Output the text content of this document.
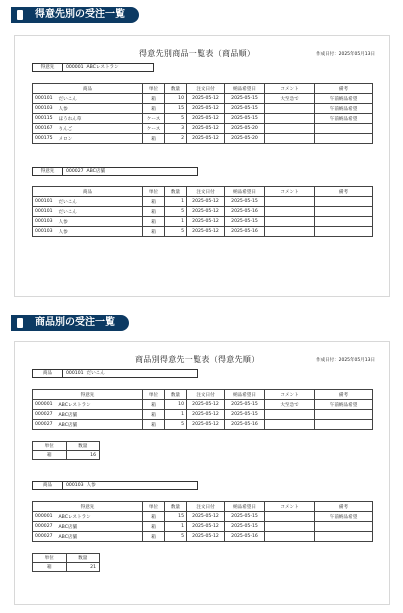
得意先別の受注一覧
得意先別商品一覧表（商品順）	作成日付：2025年05月13日
得意先	000001 ABCレストラン
商品		単位	数量	注文日付	納品希望日	コメント	備考
000101	だいこん	箱	10	2025-05-12	2025-05-15	大至急で	午前納品希望
000103	人参	箱	15	2025-05-12	2025-05-15		午前納品希望
000115	ほうれん草	ケース	5	2025-05-12	2025-05-15		午前納品希望
000167	りんご	ケース	3	2025-05-12	2025-05-20		
000175	メロン	箱	2	2025-05-12	2025-05-20		
得意先	000027 ABC店舗
商品		単位	数量	注文日付	納品希望日	コメント	備考
000101	だいこん	箱	1	2025-05-12	2025-05-15		
000101	だいこん	箱	5	2025-05-12	2025-05-16		
000103	人参	箱	1	2025-05-12	2025-05-15		
000103	人参	箱	5	2025-05-12	2025-05-16		
商品別の受注一覧
商品別得意先一覧表（得意先順）	作成日付：2025年05月13日
商品	000101 だいこん
得意先		単位	数量	注文日付	納品希望日	コメント	備考
000001	ABCレストラン	箱	10	2025-05-12	2025-05-15	大至急で	午前納品希望
000027	ABC店舗	箱	1	2025-05-12	2025-05-15		
000027	ABC店舗	箱	5	2025-05-12	2025-05-16		
単位	数量
箱	16
商品	000103 人参
得意先		単位	数量	注文日付	納品希望日	コメント	備考
000001	ABCレストラン	箱	15	2025-05-12	2025-05-15		午前納品希望
000027	ABC店舗	箱	1	2025-05-12	2025-05-15		
000027	ABC店舗	箱	5	2025-05-12	2025-05-16		
単位	数量
箱	21
